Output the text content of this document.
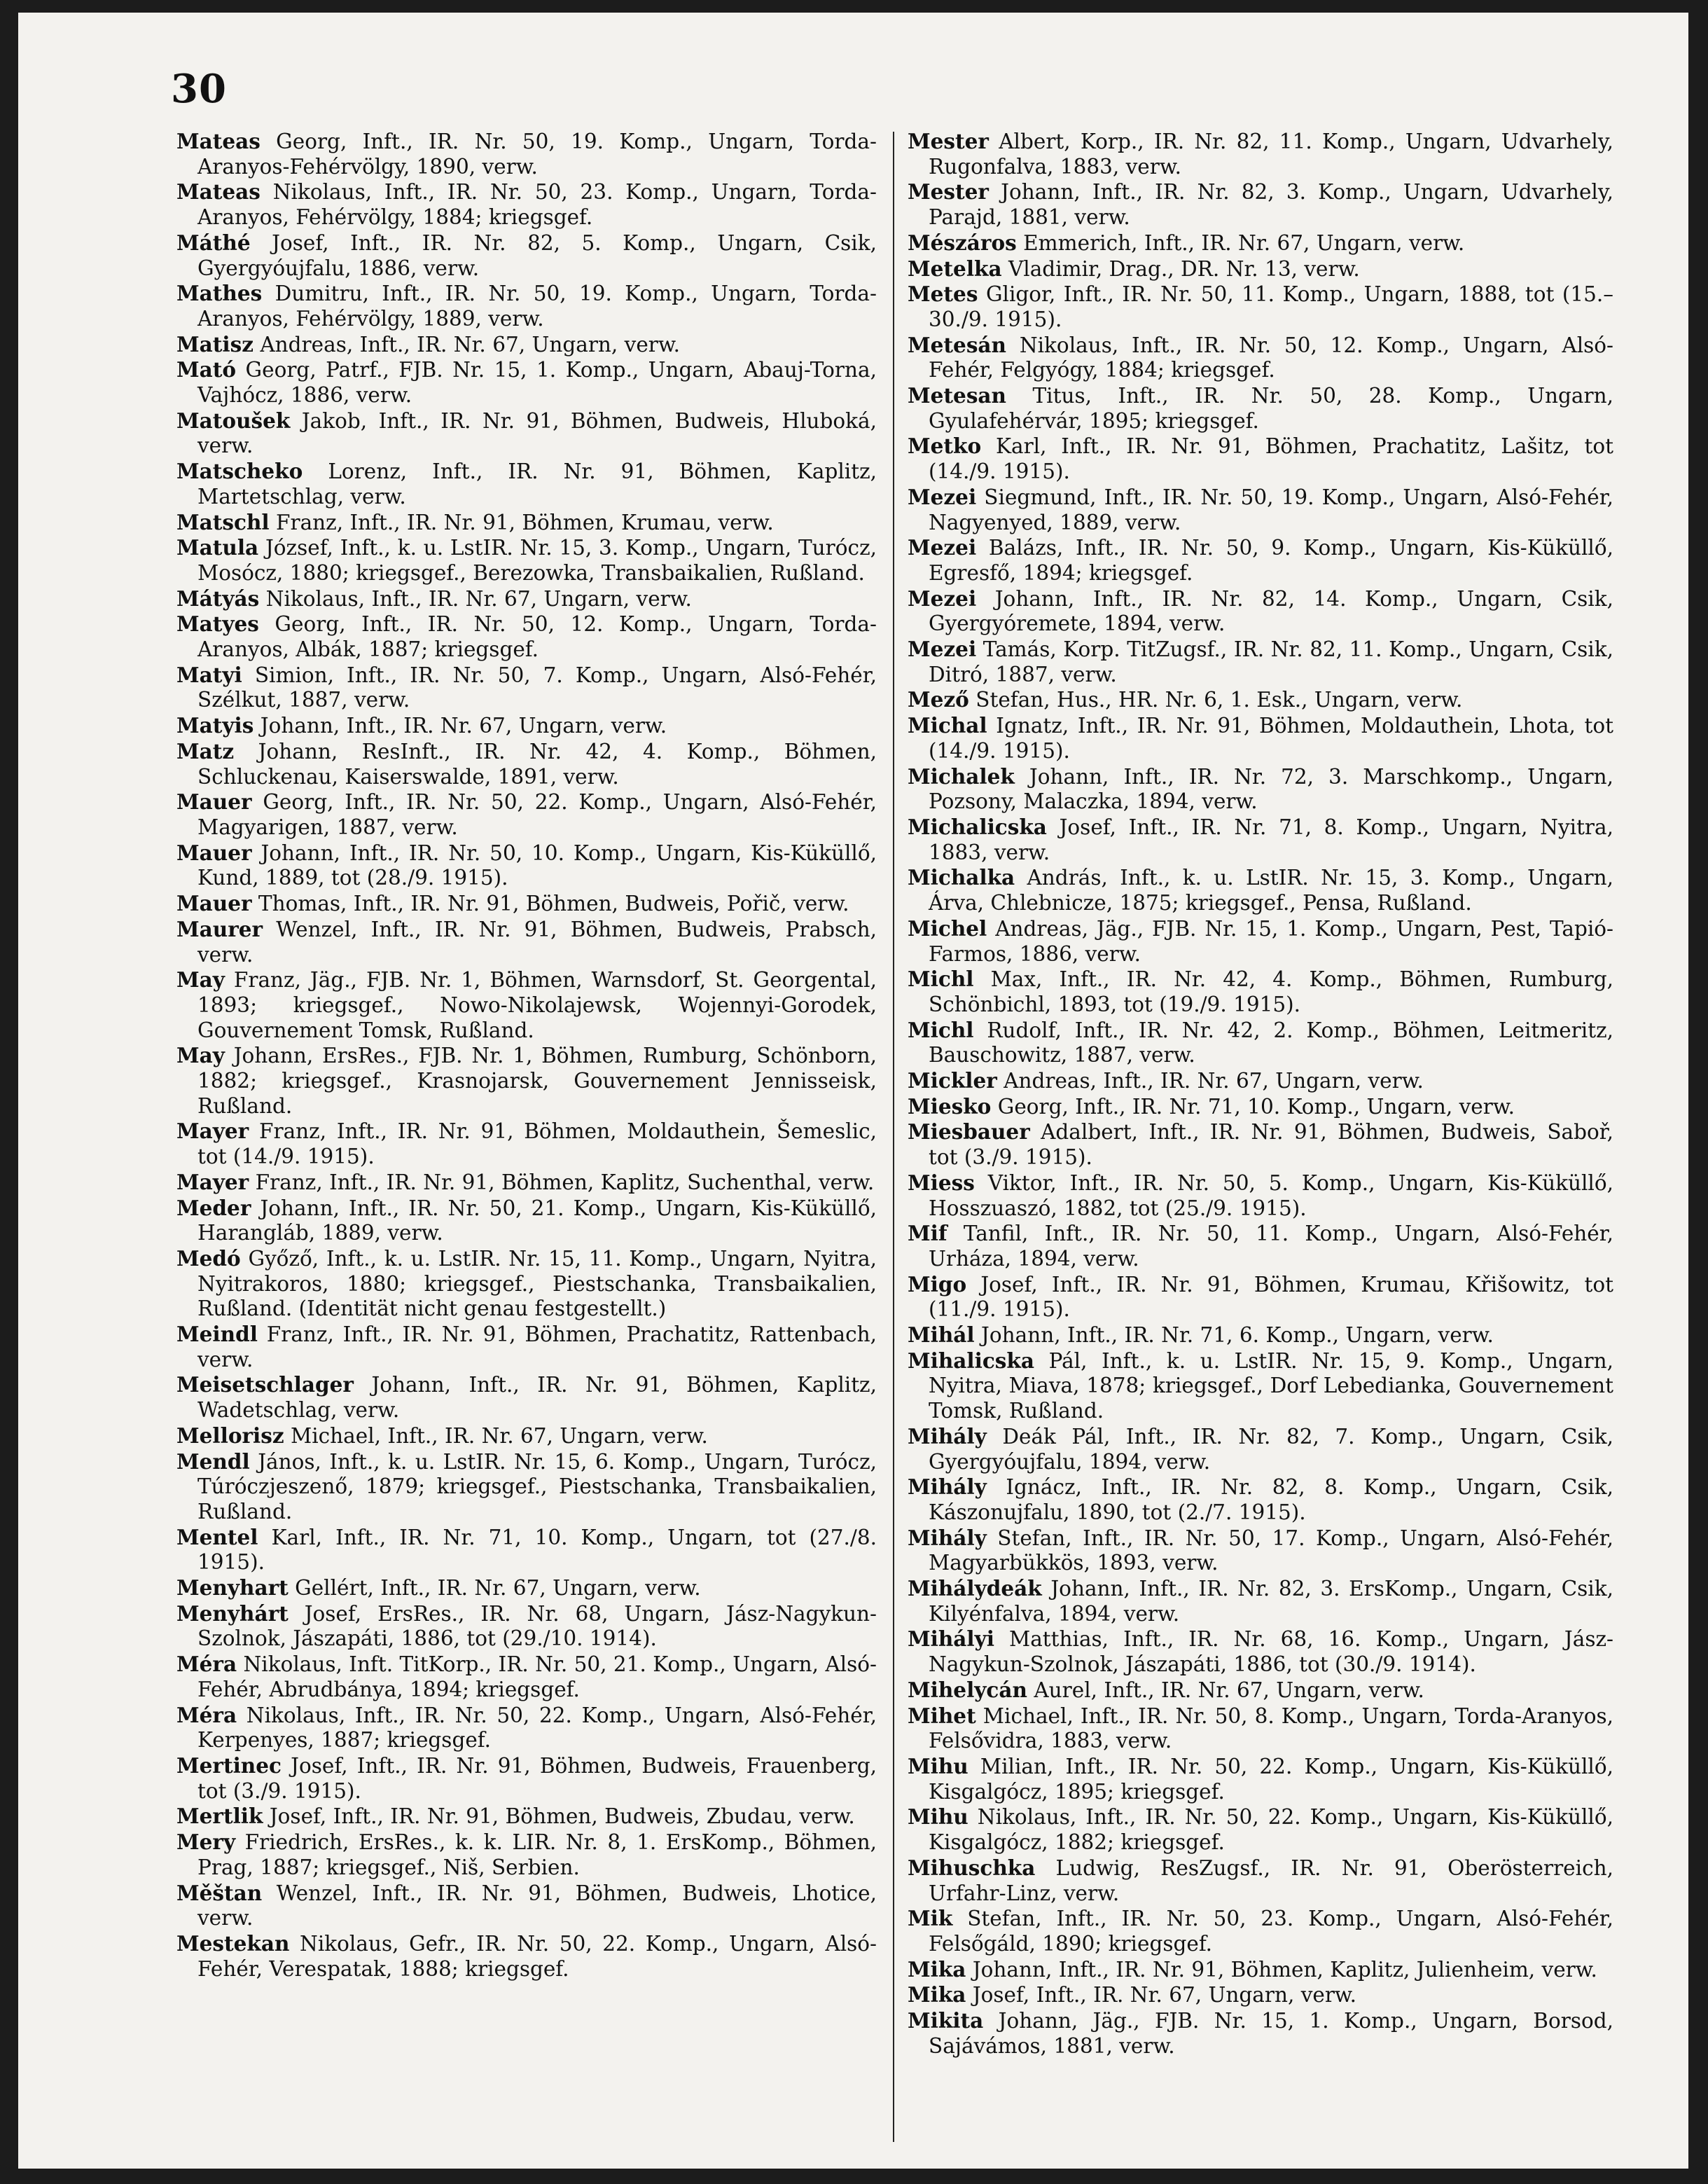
30

Mateas Georg, Inft., IR. Nr. 50, 19. Komp., Ungarn, Torda-Aranyos-Fehérvölgy, 1890, verw.

Mateas Nikolaus, Inft., IR. Nr. 50, 23. Komp., Ungarn, Torda-Aranyos, Fehérvölgy, 1884; kriegsgef.

Máthé Josef, Inft., IR. Nr. 82, 5. Komp., Ungarn, Csik, Gyergyóujfalu, 1886, verw.

Mathes Dumitru, Inft., IR. Nr. 50, 19. Komp., Ungarn, Torda-Aranyos, Fehérvölgy, 1889, verw.

Matisz Andreas, Inft., IR. Nr. 67, Ungarn, verw.

Mató Georg, Patrf., FJB. Nr. 15, 1. Komp., Ungarn, Abauj-Torna, Vajhócz, 1886, verw.

Matoušek Jakob, Inft., IR. Nr. 91, Böhmen, Budweis, Hluboká, verw.

Matscheko Lorenz, Inft., IR. Nr. 91, Böhmen, Kaplitz, Martetschlag, verw.

Matschl Franz, Inft., IR. Nr. 91, Böhmen, Krumau, verw.

Matula József, Inft., k. u. LstIR. Nr. 15, 3. Komp., Ungarn, Turócz, Mosócz, 1880; kriegsgef., Berezowka, Transbaikalien, Rußland.

Mátyás Nikolaus, Inft., IR. Nr. 67, Ungarn, verw.

Matyes Georg, Inft., IR. Nr. 50, 12. Komp., Ungarn, Torda-Aranyos, Albák, 1887; kriegsgef.

Matyi Simion, Inft., IR. Nr. 50, 7. Komp., Ungarn, Alsó-Fehér, Szélkut, 1887, verw.

Matyis Johann, Inft., IR. Nr. 67, Ungarn, verw.

Matz Johann, ResInft., IR. Nr. 42, 4. Komp., Böhmen, Schluckenau, Kaiserswalde, 1891, verw.

Mauer Georg, Inft., IR. Nr. 50, 22. Komp., Ungarn, Alsó-Fehér, Magyarigen, 1887, verw.

Mauer Johann, Inft., IR. Nr. 50, 10. Komp., Ungarn, Kis-Küküllő, Kund, 1889, tot (28./9. 1915).

Mauer Thomas, Inft., IR. Nr. 91, Böhmen, Budweis, Pořič, verw.

Maurer Wenzel, Inft., IR. Nr. 91, Böhmen, Budweis, Prabsch, verw.

May Franz, Jäg., FJB. Nr. 1, Böhmen, Warnsdorf, St. Georgental, 1893; kriegsgef., Nowo-Nikolajewsk, Wojennyi-Gorodek, Gouvernement Tomsk, Rußland.

May Johann, ErsRes., FJB. Nr. 1, Böhmen, Rumburg, Schönborn, 1882; kriegsgef., Krasnojarsk, Gouvernement Jennisseisk, Rußland.

Mayer Franz, Inft., IR. Nr. 91, Böhmen, Moldauthein, Šemeslic, tot (14./9. 1915).

Mayer Franz, Inft., IR. Nr. 91, Böhmen, Kaplitz, Suchenthal, verw.

Meder Johann, Inft., IR. Nr. 50, 21. Komp., Ungarn, Kis-Küküllő, Harangláb, 1889, verw.

Medó Győző, Inft., k. u. LstIR. Nr. 15, 11. Komp., Ungarn, Nyitra, Nyitrakoros, 1880; kriegsgef., Piestschanka, Transbaikalien, Rußland. (Identität nicht genau festgestellt.)

Meindl Franz, Inft., IR. Nr. 91, Böhmen, Prachatitz, Rattenbach, verw.

Meisetschlager Johann, Inft., IR. Nr. 91, Böhmen, Kaplitz, Wadetschlag, verw.

Mellorisz Michael, Inft., IR. Nr. 67, Ungarn, verw.

Mendl János, Inft., k. u. LstIR. Nr. 15, 6. Komp., Ungarn, Turócz, Túróczjeszenő, 1879; kriegsgef., Piestschanka, Transbaikalien, Rußland.

Mentel Karl, Inft., IR. Nr. 71, 10. Komp., Ungarn, tot (27./8. 1915).

Menyhart Gellért, Inft., IR. Nr. 67, Ungarn, verw.

Menyhárt Josef, ErsRes., IR. Nr. 68, Ungarn, Jász-Nagykun-Szolnok, Jászapáti, 1886, tot (29./10. 1914).

Méra Nikolaus, Inft. TitKorp., IR. Nr. 50, 21. Komp., Ungarn, Alsó-Fehér, Abrudbánya, 1894; kriegsgef.

Méra Nikolaus, Inft., IR. Nr. 50, 22. Komp., Ungarn, Alsó-Fehér, Kerpenyes, 1887; kriegsgef.

Mertinec Josef, Inft., IR. Nr. 91, Böhmen, Budweis, Frauenberg, tot (3./9. 1915).

Mertlik Josef, Inft., IR. Nr. 91, Böhmen, Budweis, Zbudau, verw.

Mery Friedrich, ErsRes., k. k. LIR. Nr. 8, 1. ErsKomp., Böhmen, Prag, 1887; kriegsgef., Niš, Serbien.

Měštan Wenzel, Inft., IR. Nr. 91, Böhmen, Budweis, Lhotice, verw.

Mestekan Nikolaus, Gefr., IR. Nr. 50, 22. Komp., Ungarn, Alsó-Fehér, Verespatak, 1888; kriegsgef.

Mester Albert, Korp., IR. Nr. 82, 11. Komp., Ungarn, Udvarhely, Rugonfalva, 1883, verw.

Mester Johann, Inft., IR. Nr. 82, 3. Komp., Ungarn, Udvarhely, Parajd, 1881, verw.

Mészáros Emmerich, Inft., IR. Nr. 67, Ungarn, verw.

Metelka Vladimir, Drag., DR. Nr. 13, verw.

Metes Gligor, Inft., IR. Nr. 50, 11. Komp., Ungarn, 1888, tot (15.–30./9. 1915).

Metesán Nikolaus, Inft., IR. Nr. 50, 12. Komp., Ungarn, Alsó-Fehér, Felgyógy, 1884; kriegsgef.

Metesan Titus, Inft., IR. Nr. 50, 28. Komp., Ungarn, Gyulafehérvár, 1895; kriegsgef.

Metko Karl, Inft., IR. Nr. 91, Böhmen, Prachatitz, Lašitz, tot (14./9. 1915).

Mezei Siegmund, Inft., IR. Nr. 50, 19. Komp., Ungarn, Alsó-Fehér, Nagyenyed, 1889, verw.

Mezei Balázs, Inft., IR. Nr. 50, 9. Komp., Ungarn, Kis-Küküllő, Egresfő, 1894; kriegsgef.

Mezei Johann, Inft., IR. Nr. 82, 14. Komp., Ungarn, Csik, Gyergyóremete, 1894, verw.

Mezei Tamás, Korp. TitZugsf., IR. Nr. 82, 11. Komp., Ungarn, Csik, Ditró, 1887, verw.

Mező Stefan, Hus., HR. Nr. 6, 1. Esk., Ungarn, verw.

Michal Ignatz, Inft., IR. Nr. 91, Böhmen, Moldauthein, Lhota, tot (14./9. 1915).

Michalek Johann, Inft., IR. Nr. 72, 3. Marschkomp., Ungarn, Pozsony, Malaczka, 1894, verw.

Michalicska Josef, Inft., IR. Nr. 71, 8. Komp., Ungarn, Nyitra, 1883, verw.

Michalka András, Inft., k. u. LstIR. Nr. 15, 3. Komp., Ungarn, Árva, Chlebnicze, 1875; kriegsgef., Pensa, Rußland.

Michel Andreas, Jäg., FJB. Nr. 15, 1. Komp., Ungarn, Pest, Tapió-Farmos, 1886, verw.

Michl Max, Inft., IR. Nr. 42, 4. Komp., Böhmen, Rumburg, Schönbichl, 1893, tot (19./9. 1915).

Michl Rudolf, Inft., IR. Nr. 42, 2. Komp., Böhmen, Leitmeritz, Bauschowitz, 1887, verw.

Mickler Andreas, Inft., IR. Nr. 67, Ungarn, verw.

Miesko Georg, Inft., IR. Nr. 71, 10. Komp., Ungarn, verw.

Miesbauer Adalbert, Inft., IR. Nr. 91, Böhmen, Budweis, Saboř, tot (3./9. 1915).

Miess Viktor, Inft., IR. Nr. 50, 5. Komp., Ungarn, Kis-Küküllő, Hosszuaszó, 1882, tot (25./9. 1915).

Mif Tanfil, Inft., IR. Nr. 50, 11. Komp., Ungarn, Alsó-Fehér, Urháza, 1894, verw.

Migo Josef, Inft., IR. Nr. 91, Böhmen, Krumau, Křišowitz, tot (11./9. 1915).

Mihál Johann, Inft., IR. Nr. 71, 6. Komp., Ungarn, verw.

Mihalicska Pál, Inft., k. u. LstIR. Nr. 15, 9. Komp., Ungarn, Nyitra, Miava, 1878; kriegsgef., Dorf Lebedianka, Gouvernement Tomsk, Rußland.

Mihály Deák Pál, Inft., IR. Nr. 82, 7. Komp., Ungarn, Csik, Gyergyóujfalu, 1894, verw.

Mihály Ignácz, Inft., IR. Nr. 82, 8. Komp., Ungarn, Csik, Kászonujfalu, 1890, tot (2./7. 1915).

Mihály Stefan, Inft., IR. Nr. 50, 17. Komp., Ungarn, Alsó-Fehér, Magyarbükkös, 1893, verw.

Mihálydeák Johann, Inft., IR. Nr. 82, 3. ErsKomp., Ungarn, Csik, Kilyénfalva, 1894, verw.

Mihályi Matthias, Inft., IR. Nr. 68, 16. Komp., Ungarn, Jász-Nagykun-Szolnok, Jászapáti, 1886, tot (30./9. 1914).

Mihelycán Aurel, Inft., IR. Nr. 67, Ungarn, verw.

Mihet Michael, Inft., IR. Nr. 50, 8. Komp., Ungarn, Torda-Aranyos, Felsővidra, 1883, verw.

Mihu Milian, Inft., IR. Nr. 50, 22. Komp., Ungarn, Kis-Küküllő, Kisgalgócz, 1895; kriegsgef.

Mihu Nikolaus, Inft., IR. Nr. 50, 22. Komp., Ungarn, Kis-Küküllő, Kisgalgócz, 1882; kriegsgef.

Mihuschka Ludwig, ResZugsf., IR. Nr. 91, Oberösterreich, Urfahr-Linz, verw.

Mik Stefan, Inft., IR. Nr. 50, 23. Komp., Ungarn, Alsó-Fehér, Felsőgáld, 1890; kriegsgef.

Mika Johann, Inft., IR. Nr. 91, Böhmen, Kaplitz, Julienheim, verw.

Mika Josef, Inft., IR. Nr. 67, Ungarn, verw.

Mikita Johann, Jäg., FJB. Nr. 15, 1. Komp., Ungarn, Borsod, Sajávámos, 1881, verw.
